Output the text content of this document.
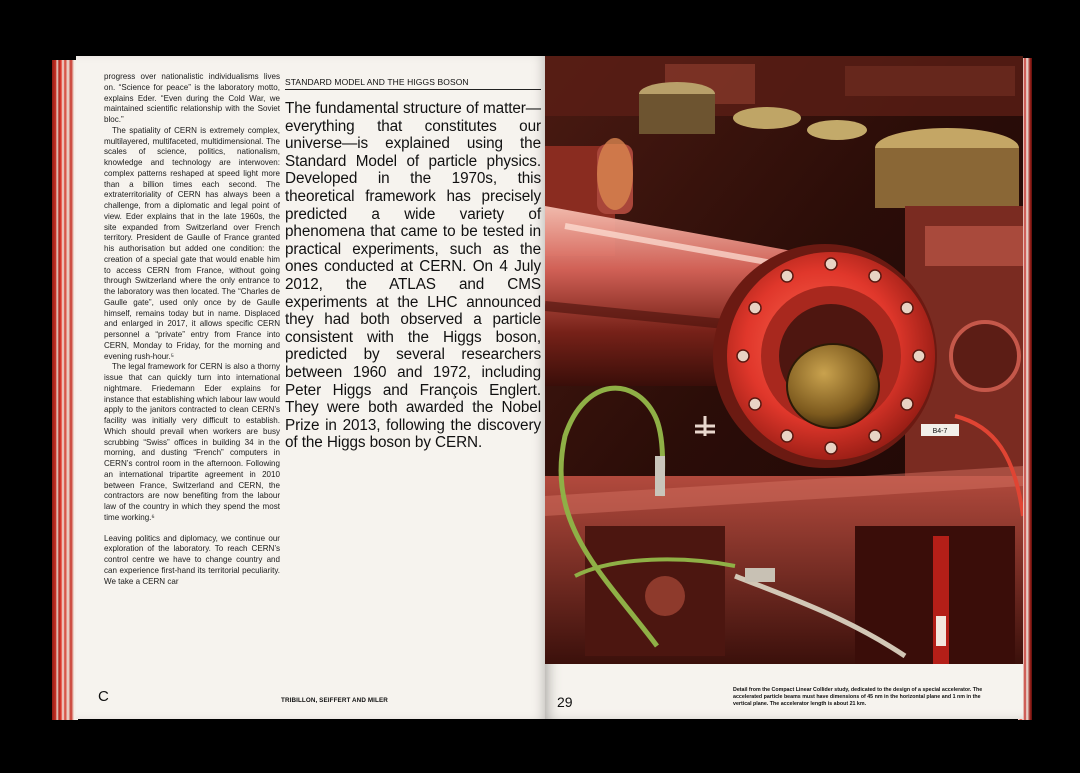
progress over nationalistic individualisms lives on. “Science for peace” is the laboratory motto, explains Eder. “Even during the Cold War, we maintained scientific relationship with the Soviet bloc.”

The spatiality of CERN is extremely complex, multilayered, multifaceted, multidimensional. The scales of science, politics, nationalism, knowledge and technology are interwoven: complex patterns reshaped at speed light more than a billion times each second. The extraterritoriality of CERN has always been a challenge, from a diplomatic and legal point of view. Eder explains that in the late 1960s, the site expanded from Switzerland over French territory. President de Gaulle of France granted his authorisation but added one condition: the creation of a special gate that would enable him to access CERN from France, without going through Switzerland where the only entrance to the laboratory was then located. The “Charles de Gaulle gate”, used only once by de Gaulle himself, remains today but in name. Displaced and enlarged in 2017, it allows specific CERN personnel a “private” entry from France into CERN, Monday to Friday, for the morning and evening rush-hour.⁵

The legal framework for CERN is also a thorny issue that can quickly turn into international nightmare. Friedemann Eder explains for instance that establishing which labour law would apply to the janitors contracted to clean CERN’s facility was initially very difficult to establish. Which should prevail when workers are busy scrubbing “Swiss” offices in building 34 in the morning, and dusting “French” computers in CERN’s control room in the afternoon. Following an international tripartite agreement in 2010 between France, Switzerland and CERN, the contractors are now benefiting from the labour law of the country in which they spend the most time working.⁶

Leaving politics and diplomacy, we continue our exploration of the laboratory. To reach CERN’s control centre we have to change country and can experience first-hand its territorial peculiarity. We take a CERN car

STANDARD MODEL AND THE HIGGS BOSON
The fundamental structure of matter—everything that constitutes our universe—is explained using the Standard Model of particle physics. Developed in the 1970s, this theoretical framework has precisely predicted a wide variety of phenomena that came to be tested in practical experiments, such as the ones conducted at CERN. On 4 July 2012, the ATLAS and CMS experiments at the LHC announced they had both observed a particle consistent with the Higgs boson, predicted by several researchers between 1960 and 1972, including Peter Higgs and François Englert. They were both awarded the Nobel Prize in 2013, following the discovery of the Higgs boson by CERN.
C	TRIBILLON, SEIFFERT AND MILER
B4-7
29
Detail from the Compact Linear Collider study, dedicated to the design of a special accelerator. The accelerated particle beams must have dimensions of 45 nm in the horizontal plane and 1 nm in the vertical plane. The accelerator length is about 21 km.
